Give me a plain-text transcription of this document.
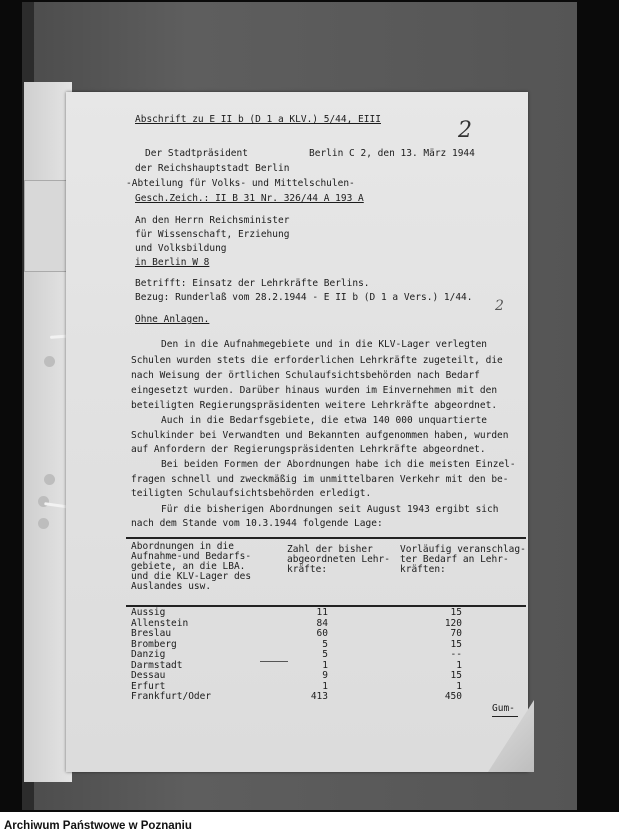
Abschrift zu E II b (D 1 a KLV.) 5/44, EIII	2
Der Stadtpräsident
der Reichshauptstadt Berlin
-Abteilung für Volks- und Mittelschulen-
Gesch.Zeich.: II B 31 Nr. 326/44 A 193 A
Berlin C 2, den 13. März 1944
An den Herrn Reichsminister
für Wissenschaft, Erziehung
und Volksbildung
in Berlin W 8
Betrifft: Einsatz der Lehrkräfte Berlins.
Bezug: Runderlaß vom 28.2.1944 - E II b (D 1 a Vers.) 1/44.
2
Ohne Anlagen.
Den in die Aufnahmegebiete und in die KLV-Lager verlegten
Schulen wurden stets die erforderlichen Lehrkräfte zugeteilt, die
nach Weisung der örtlichen Schulaufsichtsbehörden nach Bedarf
eingesetzt wurden. Darüber hinaus wurden im Einvernehmen mit den
beteiligten Regierungspräsidenten weitere Lehrkräfte abgeordnet.
Auch in die Bedarfsgebiete, die etwa 140 000 unquartierte
Schulkinder bei Verwandten und Bekannten aufgenommen haben, wurden
auf Anfordern der Regierungspräsidenten Lehrkräfte abgeordnet.
Bei beiden Formen der Abordnungen habe ich die meisten Einzel-
fragen schnell und zweckmäßig im unmittelbaren Verkehr mit den be-
teiligten Schulaufsichtsbehörden erledigt.
Für die bisherigen Abordnungen seit August 1943 ergibt sich
nach dem Stande vom 10.3.1944 folgende Lage:
Abordnungen in die
Aufnahme-und Bedarfs-
gebiete, an die LBA.
und die KLV-Lager des
Auslandes usw.
Zahl der bisher
abgeordneten Lehr-
kräfte:
Vorläufig veranschlag-
ter Bedarf an Lehr-
kräften:
Aussig	11	15
Allenstein	84	120
Breslau	60	70
Bromberg	5	15
Danzig	5	--
Darmstadt	1	1
Dessau	9	15
Erfurt	1	1
Frankfurt/Oder	413	450
Gum-
Archiwum Państwowe w Poznaniu
